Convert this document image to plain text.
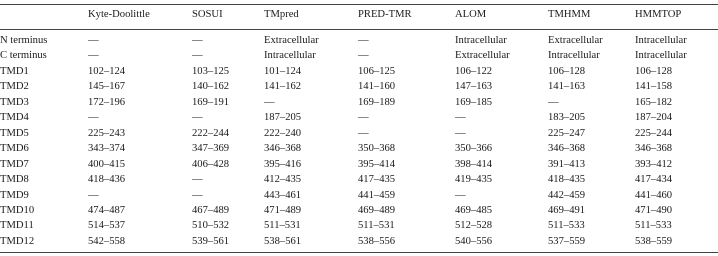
	Kyte-Doolittle	SOSUI	TMpred	PRED-TMR	ALOM	TMHMM	HMMTOP

N terminus	—	—	Extracellular	—	Intracellular	Extracellular	Intracellular
C terminus	—	—	Intracellular	—	Extracellular	Intracellular	Intracellular
TMD1	102–124	103–125	101–124	106–125	106–122	106–128	106–128
TMD2	145–167	140–162	141–162	141–160	147–163	141–163	141–158
TMD3	172–196	169–191	—	169–189	169–185	—	165–182
TMD4	—	—	187–205	—	—	183–205	187–204
TMD5	225–243	222–244	222–240	—	—	225–247	225–244
TMD6	343–374	347–369	346–368	350–368	350–366	346–368	346–368
TMD7	400–415	406–428	395–416	395–414	398–414	391–413	393–412
TMD8	418–436	—	412–435	417–435	419–435	418–435	417–434
TMD9	—	—	443–461	441–459	—	442–459	441–460
TMD10	474–487	467–489	471–489	469–489	469–485	469–491	471–490
TMD11	514–537	510–532	511–531	511–531	512–528	511–533	511–533
TMD12	542–558	539–561	538–561	538–556	540–556	537–559	538–559
